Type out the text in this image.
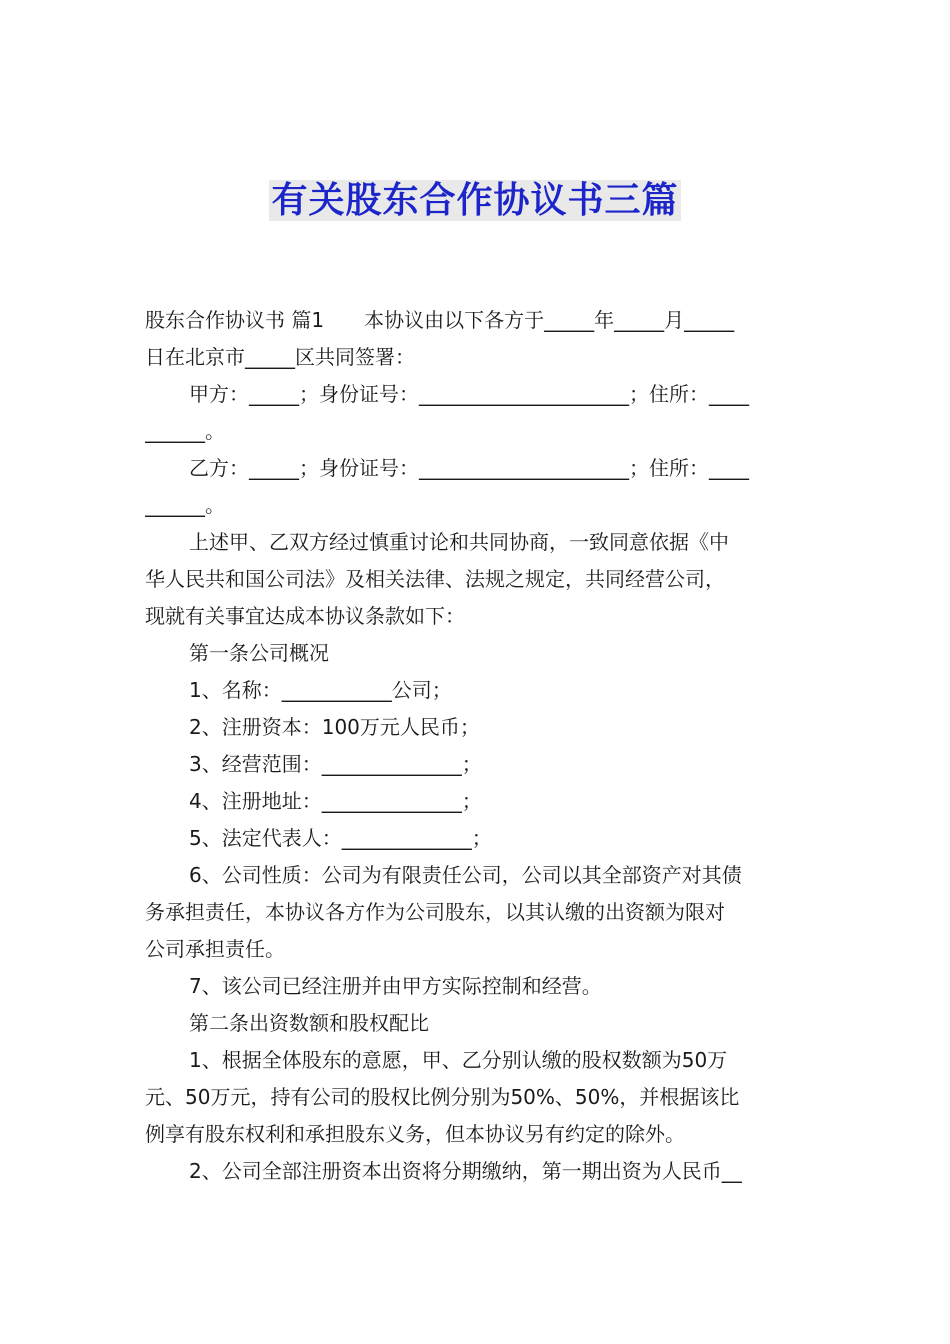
有关股东合作协议书三篇

股东合作协议书 篇1 本协议由以下各方于_____年_____月_____

日在北京市_____区共同签署：

甲方：_____；身份证号：_____________________；住所：____

______。

乙方：_____；身份证号：_____________________；住所：____

______。

上述甲、乙双方经过慎重讨论和共同协商，一致同意依据《中

华人民共和国公司法》及相关法律、法规之规定，共同经营公司，

现就有关事宜达成本协议条款如下：

第一条公司概况

1、名称：___________公司；

2、注册资本：100万元人民币；

3、经营范围：______________；

4、注册地址：______________；

5、法定代表人：_____________；

6、公司性质：公司为有限责任公司，公司以其全部资产对其债

务承担责任，本协议各方作为公司股东，以其认缴的出资额为限对

公司承担责任。

7、该公司已经注册并由甲方实际控制和经营。

第二条出资数额和股权配比

1、根据全体股东的意愿，甲、乙分别认缴的股权数额为50万

元、50万元，持有公司的股权比例分别为50%、50%，并根据该比

例享有股东权利和承担股东义务，但本协议另有约定的除外。

2、公司全部注册资本出资将分期缴纳，第一期出资为人民币__
